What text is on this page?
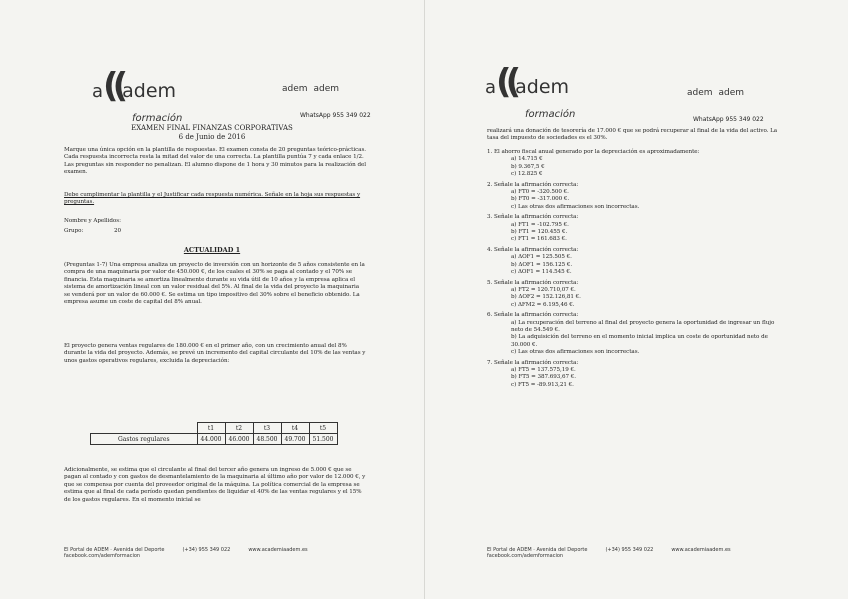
a((adem
formación
adem adem
WhatsApp 955 349 022
EXAMEN FINAL FINANZAS CORPORATIVAS
6 de Junio de 2016
Marque una única opción en la plantilla de respuestas. El examen consta de 20 preguntas teórico-prácticas. Cada respuesta incorrecta resta la mitad del valor de una correcta. La plantilla puntúa 7 y cada enlace 1/2. Las preguntas sin responder no penalizan. El alumno dispone de 1 hora y 30 minutos para la realización del examen.
Debe cumplimentar la plantilla y el Justificar cada respuesta numérica. Señale en la hoja sus respuestas y preguntas.
Nombre y Apellidos:
Grupo:	20
ACTUALIDAD 1
(Preguntas 1-7) Una empresa analiza un proyecto de inversión con un horizonte de 5 años consistente en la compra de una maquinaria por valor de 450.000 €, de los cuales el 30% se paga al contado y el 70% se financia. Esta maquinaria se amortiza linealmente durante su vida útil de 10 años y la empresa aplica el sistema de amortización lineal con un valor residual del 5%. Al final de la vida del proyecto la maquinaria se venderá por un valor de 60.000 €. Se estima un tipo impositivo del 30% sobre el beneficio obtenido. La empresa asume un coste de capital del 8% anual.
El proyecto genera ventas regulares de 180.000 € en el primer año, con un crecimiento anual del 8% durante la vida del proyecto. Además, se prevé un incremento del capital circulante del 10% de las ventas y unos gastos operativos regulares, excluida la depreciación:
	t1	t2	t3	t4	t5
Gastos regulares	44.000	46.000	48.500	49.700	51.500
Adicionalmente, se estima que el circulante al final del tercer año genera un ingreso de 5.000 € que se pagan al contado y con gastos de desmantelamiento de la maquinaria al último año por valor de 12.000 €, y que se compensa por cuenta del proveedor original de la máquina. La política comercial de la empresa se estima que al final de cada período quedan pendientes de liquidar el 40% de las ventas regulares y el 15% de los gastos regulares. En el momento inicial se
El Portal de ADEM · Avenida del Deporte	(+34) 955 349 022	www.academiaadem.esfacebook.com/ademformacion
a((adem
formación
adem adem
WhatsApp 955 349 022
realizará una donación de tesorería de 17.000 € que se podrá recuperar al final de la vida del activo. La tasa del impuesto de sociedades es el 30%.
1. El ahorro fiscal anual generado por la depreciación es aproximadamente:
a) 14.715 €
b) 9.367,5 €
c) 12.825 €
2. Señale la afirmación correcta:
a) FT0 = -320.500 €.
b) FT0 = -317.000 €.
c) Las otras dos afirmaciones son incorrectas.
3. Señale la afirmación correcta:
a) FT1 = -102.795 €.
b) FT1 = 120.455 €.
c) FT1 = 161.683 €.
4. Señale la afirmación correcta:
a) ΔOF1 = 125.505 €.
b) ΔOF1 = 156.125 €.
c) ΔOF1 = 114.545 €.
5. Señale la afirmación correcta:
a) FT2 = 120.710,07 €.
b) ΔOF2 = 152.126,81 €.
c) ΔFM2 = 6.195,46 €.
6. Señale la afirmación correcta:
a) La recuperación del terreno al final del proyecto genera la oportunidad de ingresar un flujo neto de 54.549 €.
b) La adquisición del terreno en el momento inicial implica un coste de oportunidad neto de 30.000 €.
c) Las otras dos afirmaciones son incorrectas.
7. Señale la afirmación correcta:
a) FT5 = 137.575,19 €.
b) FT5 = 387.693,67 €.
c) FT5 = -89.913,21 €.
El Portal de ADEM · Avenida del Deporte	(+34) 955 349 022	www.academiaadem.esfacebook.com/ademformacion
